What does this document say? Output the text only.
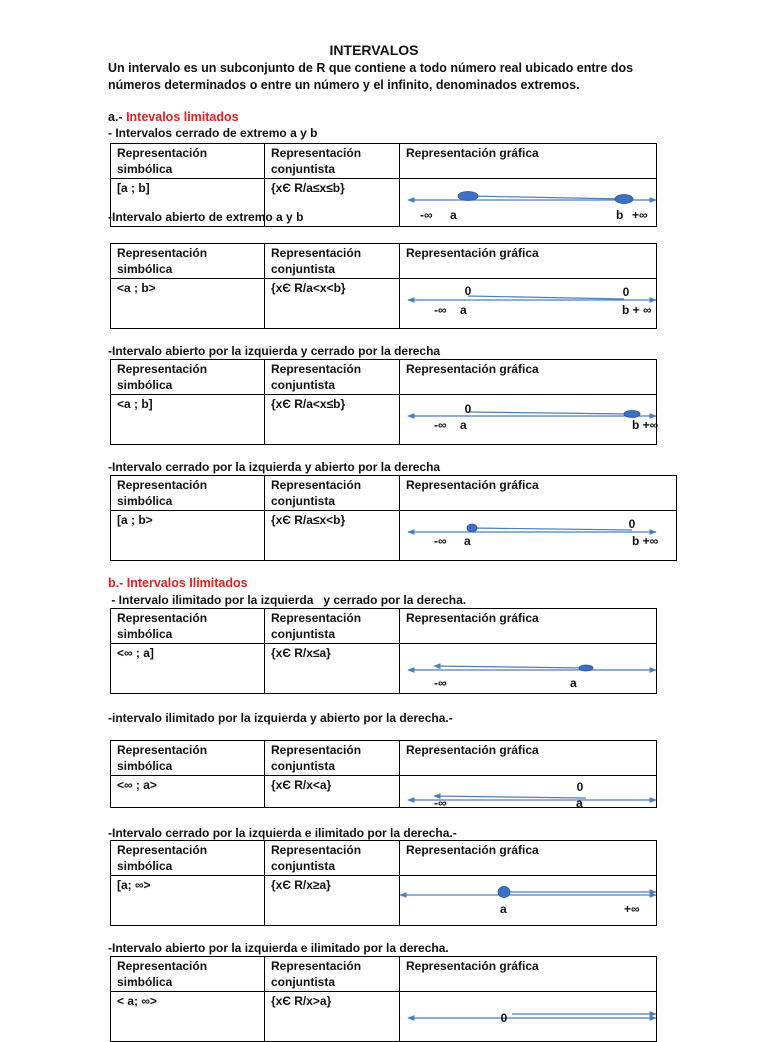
INTERVALOS
Un intervalo es un subconjunto de R que contiene a todo número real ubicado entre dos números determinados o entre un número y el infinito, denominados extremos.
a.- Intevalos limitados
b.- Intervalos Ilimitados
- Intervalos cerrado de extremo a y b
Representación simbólica	Representación conjuntista	Representación gráfica
[a ; b]	{xЄ R/a≤x≤b}	-∞ a b +∞
-Intervalo abierto de extremo a y b
Representación simbólica	Representación conjuntista	Representación gráfica
<a ; b>	{xЄ R/a<x<b}	0 0
-∞ a b + ∞
-Intervalo abierto por la izquierda y cerrado por la derecha
Representación simbólica	Representación conjuntista	Representación gráfica
<a ; b]	{xЄ R/a<x≤b}	0
-∞ a b +∞
-Intervalo cerrado por la izquierda y abierto por la derecha
Representación simbólica	Representación conjuntista	Representación gráfica
[a ; b>	{xЄ R/a≤x<b}	0
-∞ a b +∞
- Intervalo ilimitado por la izquierda   y cerrado por la derecha.
Representación simbólica	Representación conjuntista	Representación gráfica
<∞ ; a]	{xЄ R/x≤a}	-∞ a
-intervalo ilimitado por la izquierda y abierto por la derecha.-
Representación simbólica	Representación conjuntista	Representación gráfica
<∞ ; a>	{xЄ R/x<a}	0
-∞ a
-Intervalo cerrado por la izquierda e ilimitado por la derecha.-
Representación simbólica	Representación conjuntista	Representación gráfica
[a; ∞>	{xЄ R/x≥a}	a +∞
-Intervalo abierto por la izquierda e ilimitado por la derecha.
Representación simbólica	Representación conjuntista	Representación gráfica
< a; ∞>	{xЄ R/x>a}	0
